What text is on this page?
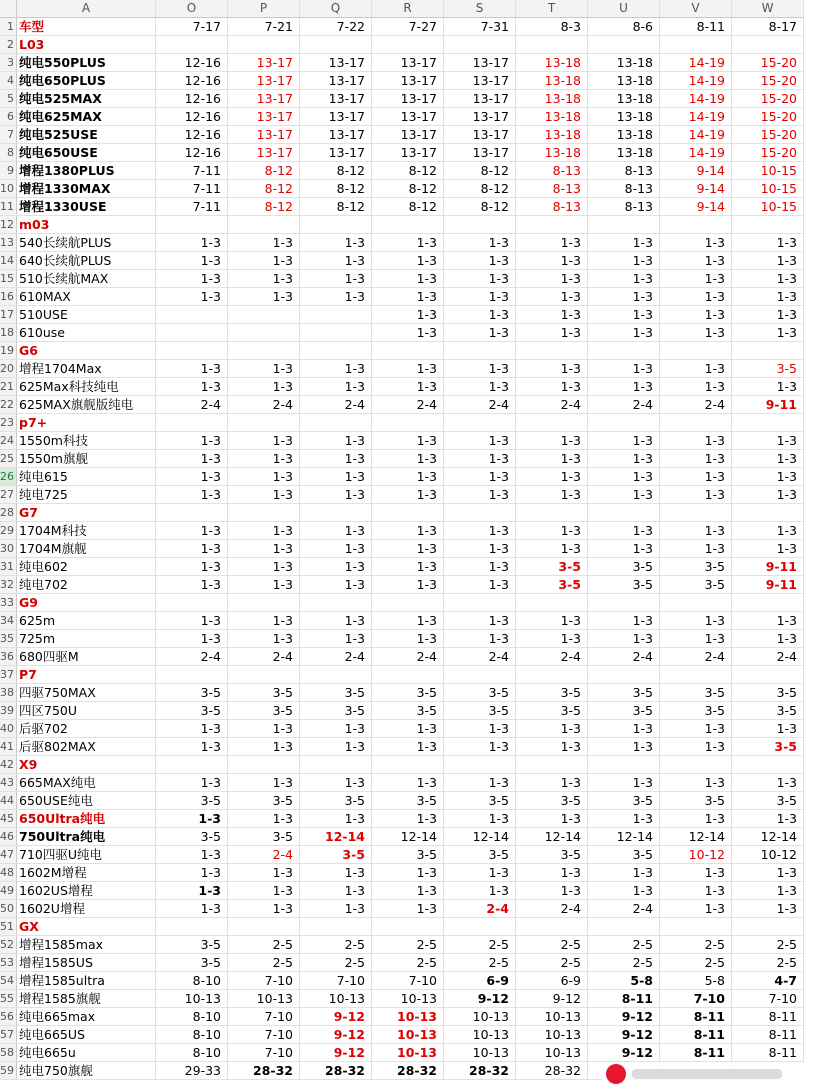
	A	O	P	Q	R	S	T	U	V	W
1	车型	7-17	7-21	7-22	7-27	7-31	8-3	8-6	8-11	8-17
2	L03									
3	纯电550PLUS	12-16	13-17	13-17	13-17	13-17	13-18	13-18	14-19	15-20
4	纯电650PLUS	12-16	13-17	13-17	13-17	13-17	13-18	13-18	14-19	15-20
5	纯电525MAX	12-16	13-17	13-17	13-17	13-17	13-18	13-18	14-19	15-20
6	纯电625MAX	12-16	13-17	13-17	13-17	13-17	13-18	13-18	14-19	15-20
7	纯电525USE	12-16	13-17	13-17	13-17	13-17	13-18	13-18	14-19	15-20
8	纯电650USE	12-16	13-17	13-17	13-17	13-17	13-18	13-18	14-19	15-20
9	增程1380PLUS	7-11	8-12	8-12	8-12	8-12	8-13	8-13	9-14	10-15
10	增程1330MAX	7-11	8-12	8-12	8-12	8-12	8-13	8-13	9-14	10-15
11	增程1330USE	7-11	8-12	8-12	8-12	8-12	8-13	8-13	9-14	10-15
12	m03									
13	540长续航PLUS	1-3	1-3	1-3	1-3	1-3	1-3	1-3	1-3	1-3
14	640长续航PLUS	1-3	1-3	1-3	1-3	1-3	1-3	1-3	1-3	1-3
15	510长续航MAX	1-3	1-3	1-3	1-3	1-3	1-3	1-3	1-3	1-3
16	610MAX	1-3	1-3	1-3	1-3	1-3	1-3	1-3	1-3	1-3
17	510USE				1-3	1-3	1-3	1-3	1-3	1-3
18	610use				1-3	1-3	1-3	1-3	1-3	1-3
19	G6									
20	增程1704Max	1-3	1-3	1-3	1-3	1-3	1-3	1-3	1-3	3-5
21	625Max科技纯电	1-3	1-3	1-3	1-3	1-3	1-3	1-3	1-3	1-3
22	625MAX旗舰版纯电	2-4	2-4	2-4	2-4	2-4	2-4	2-4	2-4	9-11
23	p7+									
24	1550m科技	1-3	1-3	1-3	1-3	1-3	1-3	1-3	1-3	1-3
25	1550m旗舰	1-3	1-3	1-3	1-3	1-3	1-3	1-3	1-3	1-3
26	纯电615	1-3	1-3	1-3	1-3	1-3	1-3	1-3	1-3	1-3
27	纯电725	1-3	1-3	1-3	1-3	1-3	1-3	1-3	1-3	1-3
28	G7									
29	1704M科技	1-3	1-3	1-3	1-3	1-3	1-3	1-3	1-3	1-3
30	1704M旗舰	1-3	1-3	1-3	1-3	1-3	1-3	1-3	1-3	1-3
31	纯电602	1-3	1-3	1-3	1-3	1-3	3-5	3-5	3-5	9-11
32	纯电702	1-3	1-3	1-3	1-3	1-3	3-5	3-5	3-5	9-11
33	G9									
34	625m	1-3	1-3	1-3	1-3	1-3	1-3	1-3	1-3	1-3
35	725m	1-3	1-3	1-3	1-3	1-3	1-3	1-3	1-3	1-3
36	680四驱M	2-4	2-4	2-4	2-4	2-4	2-4	2-4	2-4	2-4
37	P7									
38	四驱750MAX	3-5	3-5	3-5	3-5	3-5	3-5	3-5	3-5	3-5
39	四区750U	3-5	3-5	3-5	3-5	3-5	3-5	3-5	3-5	3-5
40	后驱702	1-3	1-3	1-3	1-3	1-3	1-3	1-3	1-3	1-3
41	后驱802MAX	1-3	1-3	1-3	1-3	1-3	1-3	1-3	1-3	3-5
42	X9									
43	665MAX纯电	1-3	1-3	1-3	1-3	1-3	1-3	1-3	1-3	1-3
44	650USE纯电	3-5	3-5	3-5	3-5	3-5	3-5	3-5	3-5	3-5
45	650Ultra纯电	1-3	1-3	1-3	1-3	1-3	1-3	1-3	1-3	1-3
46	750Ultra纯电	3-5	3-5	12-14	12-14	12-14	12-14	12-14	12-14	12-14
47	710四驱U纯电	1-3	2-4	3-5	3-5	3-5	3-5	3-5	10-12	10-12
48	1602M增程	1-3	1-3	1-3	1-3	1-3	1-3	1-3	1-3	1-3
49	1602US增程	1-3	1-3	1-3	1-3	1-3	1-3	1-3	1-3	1-3
50	1602U增程	1-3	1-3	1-3	1-3	2-4	2-4	2-4	1-3	1-3
51	GX									
52	增程1585max	3-5	2-5	2-5	2-5	2-5	2-5	2-5	2-5	2-5
53	增程1585US	3-5	2-5	2-5	2-5	2-5	2-5	2-5	2-5	2-5
54	增程1585ultra	8-10	7-10	7-10	7-10	6-9	6-9	5-8	5-8	4-7
55	增程1585旗舰	10-13	10-13	10-13	10-13	9-12	9-12	8-11	7-10	7-10
56	纯电665max	8-10	7-10	9-12	10-13	10-13	10-13	9-12	8-11	8-11
57	纯电665US	8-10	7-10	9-12	10-13	10-13	10-13	9-12	8-11	8-11
58	纯电665u	8-10	7-10	9-12	10-13	10-13	10-13	9-12	8-11	8-11
59	纯电750旗舰	29-33	28-32	28-32	28-32	28-32	28-32			
